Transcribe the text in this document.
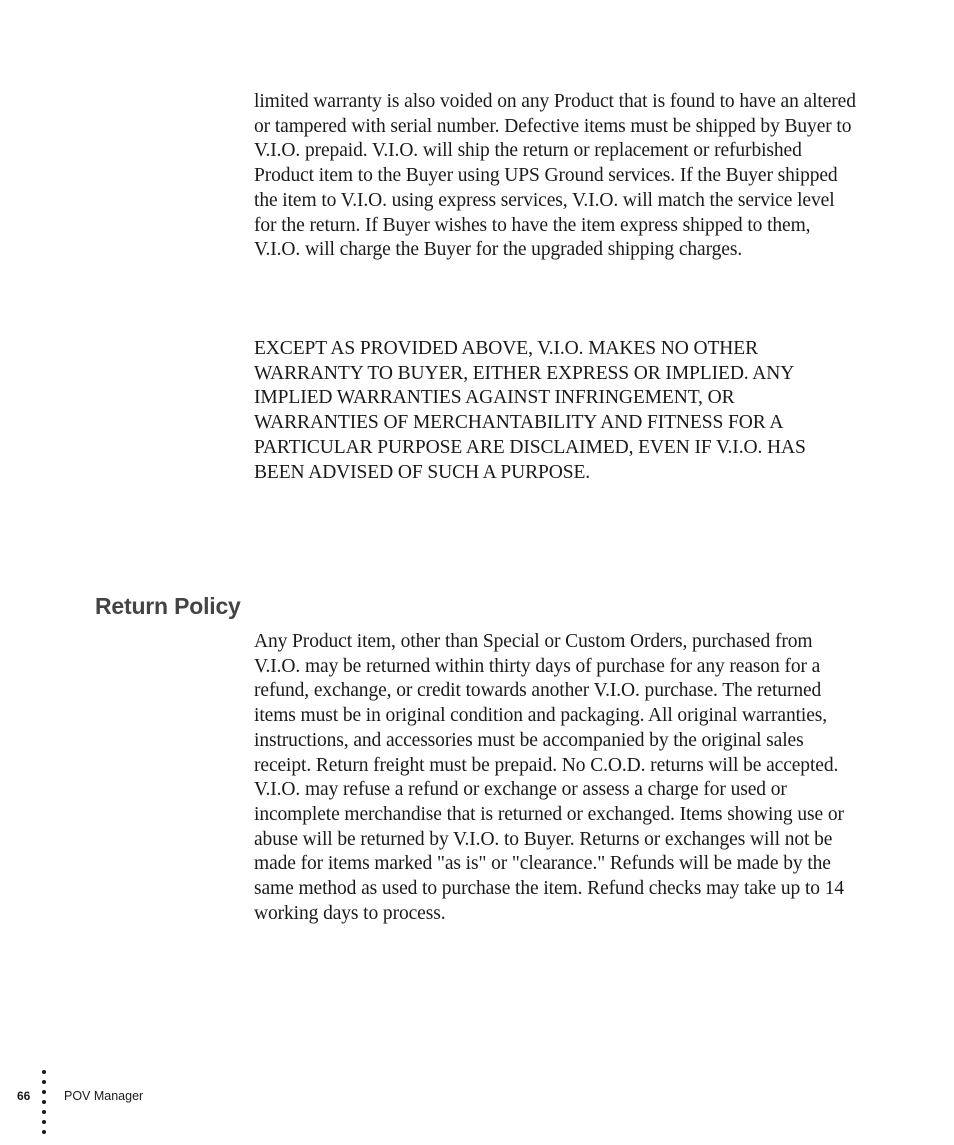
limited warranty is also voided on any Product that is found to have an altered or tampered with serial number. Defective items must be shipped by Buyer to V.I.O. prepaid. V.I.O. will ship the return or replacement or refurbished Product item to the Buyer using UPS Ground services. If the Buyer shipped the item to V.I.O. using express services, V.I.O. will match the service level for the return. If Buyer wishes to have the item express shipped to them, V.I.O. will charge the Buyer for the upgraded shipping charges.

EXCEPT AS PROVIDED ABOVE, V.I.O. MAKES NO OTHER WARRANTY TO BUYER, EITHER EXPRESS OR IMPLIED. ANY IMPLIED WARRANTIES AGAINST INFRINGEMENT, OR WARRANTIES OF MERCHANTABILITY AND FITNESS FOR A PARTICULAR PURPOSE ARE DISCLAIMED, EVEN IF V.I.O. HAS BEEN ADVISED OF SUCH A PURPOSE.

Return Policy

Any Product item, other than Special or Custom Orders, purchased from V.I.O. may be returned within thirty days of purchase for any reason for a refund, exchange, or credit towards another V.I.O. purchase. The returned items must be in original condition and packaging. All original warranties, instructions, and accessories must be accompanied by the original sales receipt. Return freight must be prepaid. No C.O.D. returns will be accepted. V.I.O. may refuse a refund or exchange or assess a charge for used or incomplete merchandise that is returned or exchanged. Items showing use or abuse will be returned by V.I.O. to Buyer. Returns or exchanges will not be made for items marked "as is" or "clearance." Refunds will be made by the same method as used to purchase the item. Refund checks may take up to 14 working days to process.

66	POV Manager
